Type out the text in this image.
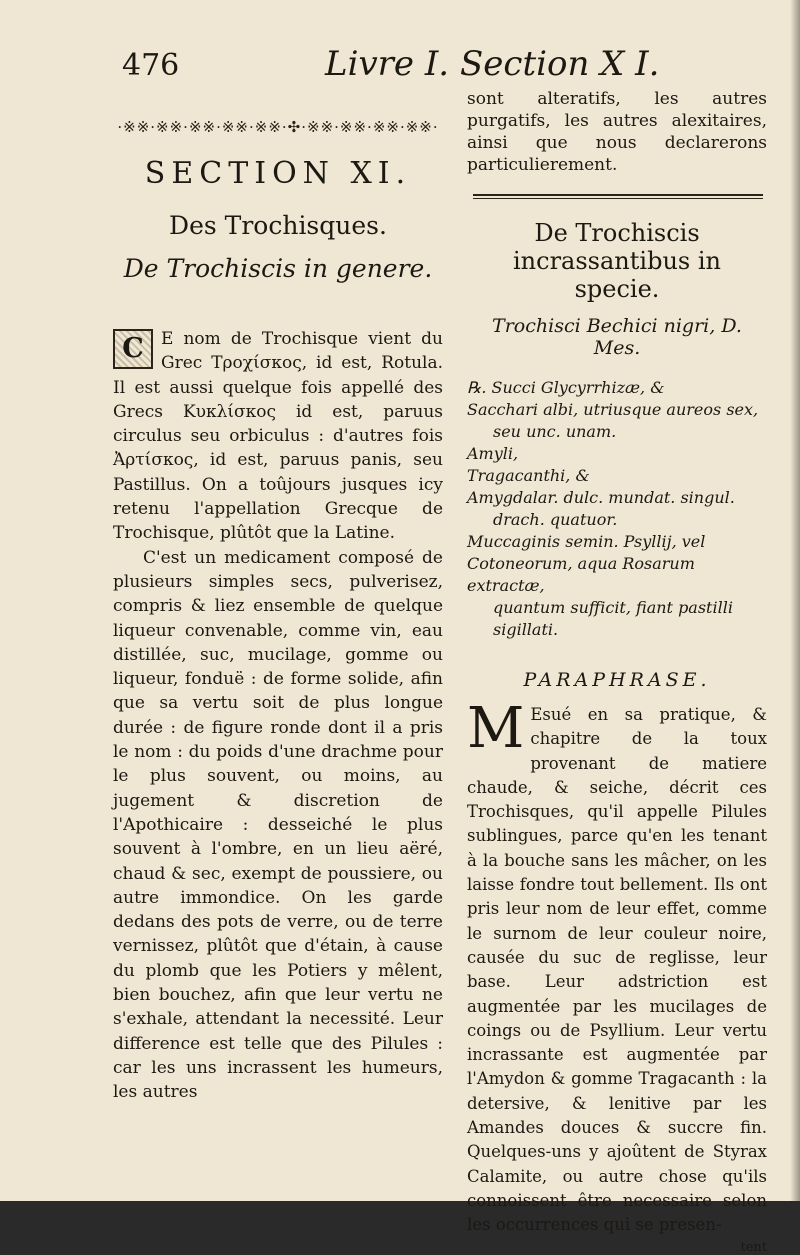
476	Livre I. Section X I.
·※※·※※·※※·※※·※※·✣·※※·※※·※※·※※·
SECTION XI.
Des Trochisques.
De Trochiscis in genere.

C	E nom de Trochisque vient du Grec Τροχίσκος, id est, Rotula. Il est aussi quelque fois appellé des Grecs Κυκλίσκος id est, paruus circulus seu orbiculus : d'autres fois Ἀρτίσκος, id est, paruus panis, seu Pastillus. On a toûjours jusques icy retenu l'appellation Grecque de Trochisque, plûtôt que la Latine.

C'est un medicament composé de plusieurs simples secs, pulverisez, compris & liez ensemble de quelque liqueur convenable, comme vin, eau distillée, suc, mucilage, gomme ou liqueur, fonduë : de forme solide, afin que sa vertu soit de plus longue durée : de figure ronde dont il a pris le nom : du poids d'une drachme pour le plus souvent, ou moins, au jugement & discretion de l'Apothicaire : desseiché le plus souvent à l'ombre, en un lieu aëré, chaud & sec, exempt de poussiere, ou autre immondice. On les garde dedans des pots de verre, ou de terre vernissez, plûtôt que d'étain, à cause du plomb que les Potiers y mêlent, bien bouchez, afin que leur vertu ne s'exhale, attendant la necessité. Leur difference est telle que des Pilules : car les uns incrassent les humeurs, les autres

sont alteratifs, les autres purgatifs, les autres alexitaires, ainsi que nous declarerons particulierement.
De Trochiscis incrassantibus in specie.
Trochisci Bechici nigri, D. Mes.

℞. Succi Glycyrrhizæ, &

Sacchari albi, utriusque aureos sex,

seu unc. unam.

Amyli,

Tragacanthi, &

Amygdalar. dulc. mundat. singul.

drach. quatuor.

Muccaginis semin. Psyllij, vel Cotoneorum, aqua Rosarum extractæ,

quantum sufficit, fiant pastilli

sigillati.

PARAPHRASE.
M Esué en sa pratique, & chapitre de la toux provenant de matiere chaude, & seiche, décrit ces Trochisques, qu'il appelle Pilules sublingues, parce qu'en les tenant à la bouche sans les mâcher, on les laisse fondre tout bellement. Ils ont pris leur nom de leur effet, comme le surnom de leur couleur noire, causée du suc de reglisse, leur base. Leur adstriction est augmentée par les mucilages de coings ou de Psyllium. Leur vertu incrassante est augmentée par l'Amydon & gomme Tragacanth : la detersive, & lenitive par les Amandes douces & succre fin. Quelques-uns y ajoûtent de Styrax Calamite, ou autre chose qu'ils connoissent être necessaire selon les occurrences qui se presen-
tent
